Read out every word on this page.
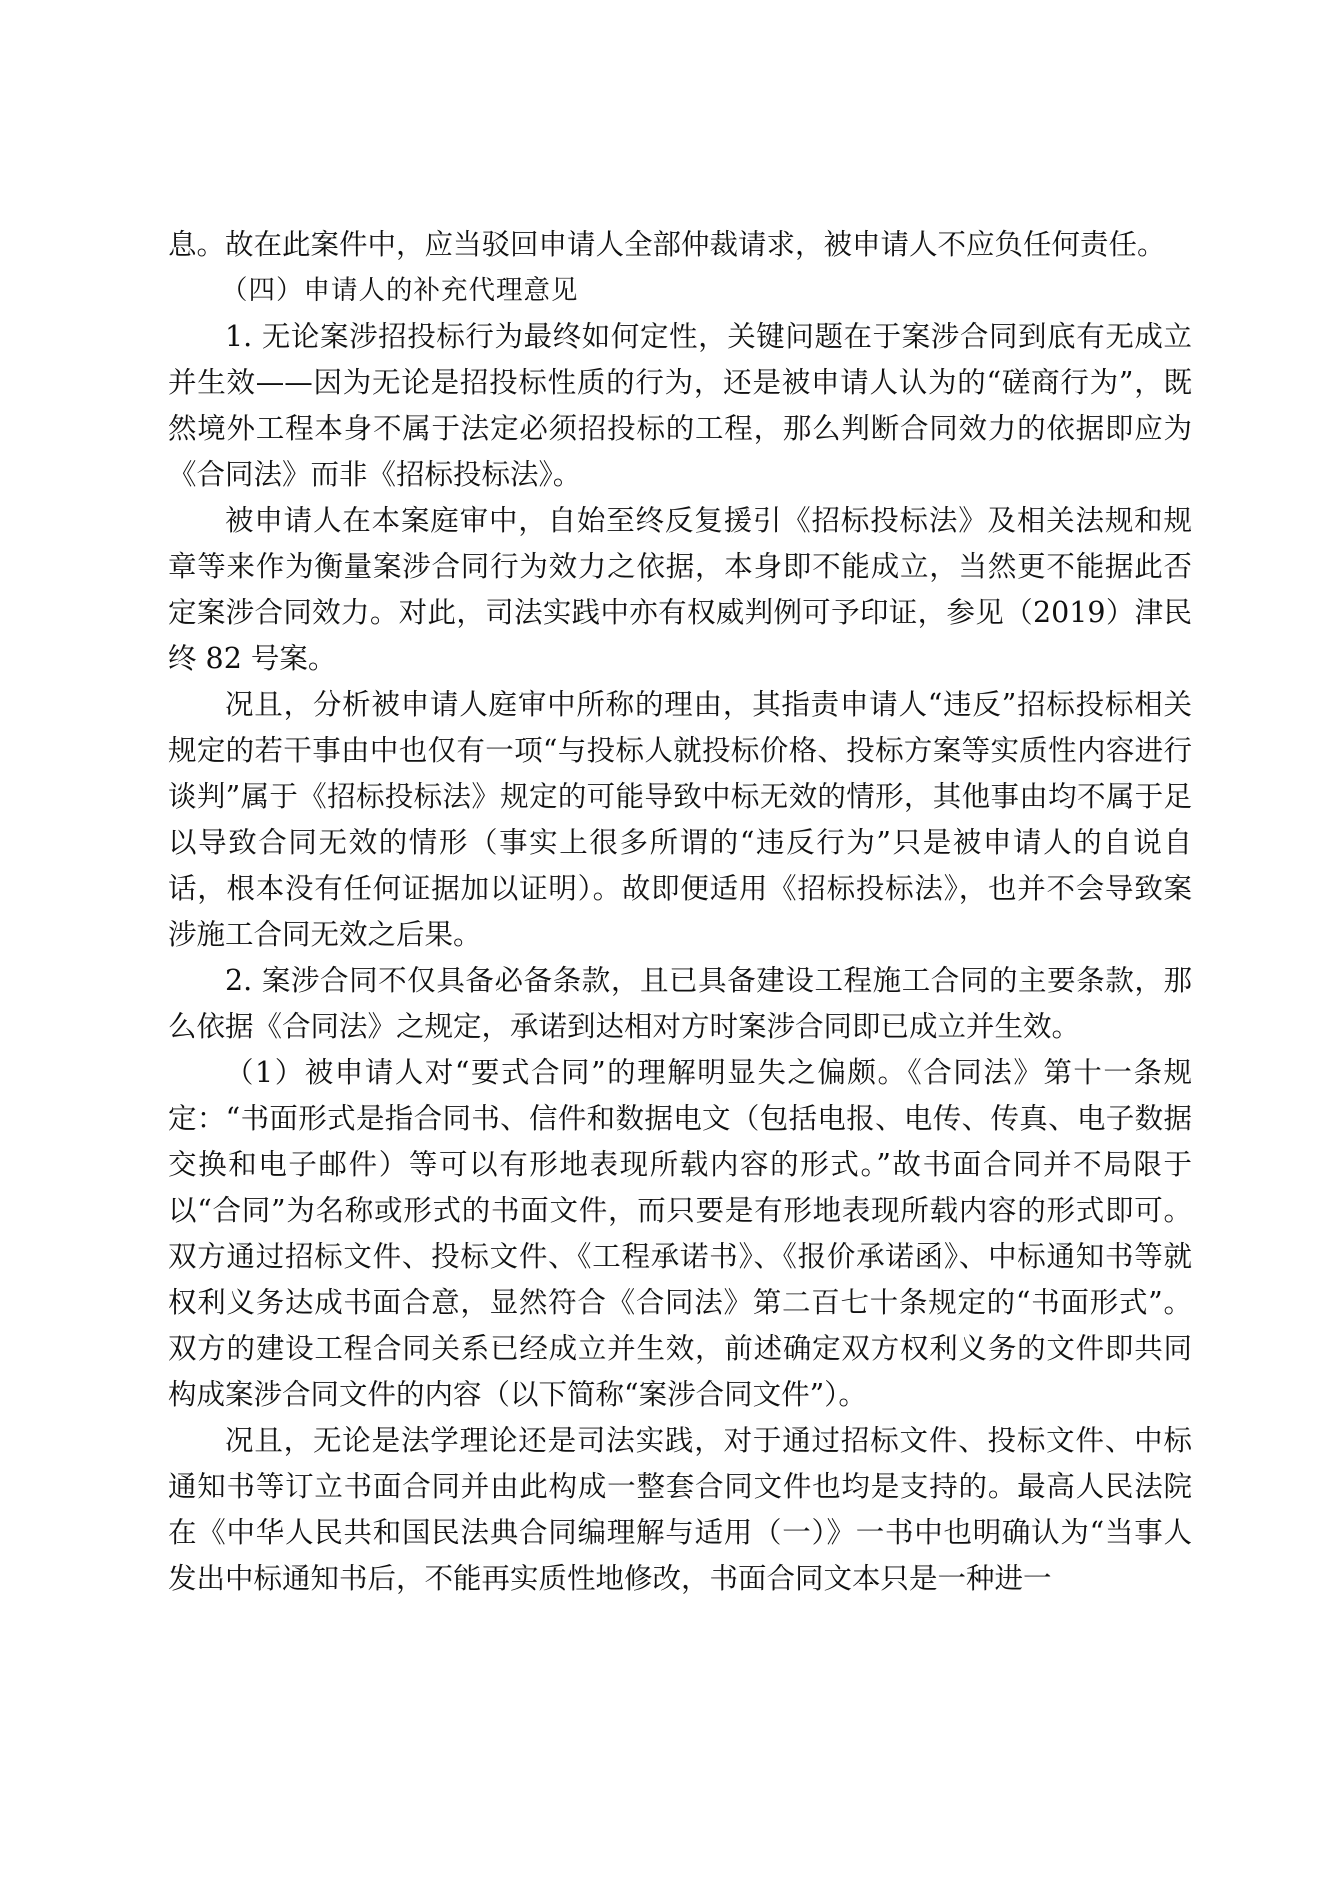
息。故在此案件中，应当驳回申请人全部仲裁请求，被申请人不应负任何责任。

（四）申请人的补充代理意见

1. 无论案涉招投标行为最终如何定性，关键问题在于案涉合同到底有无成立并生效——因为无论是招投标性质的行为，还是被申请人认为的“磋商行为”，既然境外工程本身不属于法定必须招投标的工程，那么判断合同效力的依据即应为《合同法》而非《招标投标法》。

被申请人在本案庭审中，自始至终反复援引《招标投标法》及相关法规和规章等来作为衡量案涉合同行为效力之依据，本身即不能成立，当然更不能据此否定案涉合同效力。对此，司法实践中亦有权威判例可予印证，参见（2019）津民终 82 号案。

况且，分析被申请人庭审中所称的理由，其指责申请人“违反”招标投标相关规定的若干事由中也仅有一项“与投标人就投标价格、投标方案等实质性内容进行谈判”属于《招标投标法》规定的可能导致中标无效的情形，其他事由均不属于足以导致合同无效的情形（事实上很多所谓的“违反行为”只是被申请人的自说自话，根本没有任何证据加以证明）。故即便适用《招标投标法》，也并不会导致案涉施工合同无效之后果。

2. 案涉合同不仅具备必备条款，且已具备建设工程施工合同的主要条款，那么依据《合同法》之规定，承诺到达相对方时案涉合同即已成立并生效。

（1）被申请人对“要式合同”的理解明显失之偏颇。《合同法》第十一条规定：“书面形式是指合同书、信件和数据电文（包括电报、电传、传真、电子数据交换和电子邮件）等可以有形地表现所载内容的形式。”故书面合同并不局限于以“合同”为名称或形式的书面文件，而只要是有形地表现所载内容的形式即可。双方通过招标文件、投标文件、《工程承诺书》、《报价承诺函》、中标通知书等就权利义务达成书面合意，显然符合《合同法》第二百七十条规定的“书面形式”。双方的建设工程合同关系已经成立并生效，前述确定双方权利义务的文件即共同构成案涉合同文件的内容（以下简称“案涉合同文件”）。

况且，无论是法学理论还是司法实践，对于通过招标文件、投标文件、中标通知书等订立书面合同并由此构成一整套合同文件也均是支持的。最高人民法院在《中华人民共和国民法典合同编理解与适用（一）》一书中也明确认为“当事人发出中标通知书后，不能再实质性地修改，书面合同文本只是一种进一
